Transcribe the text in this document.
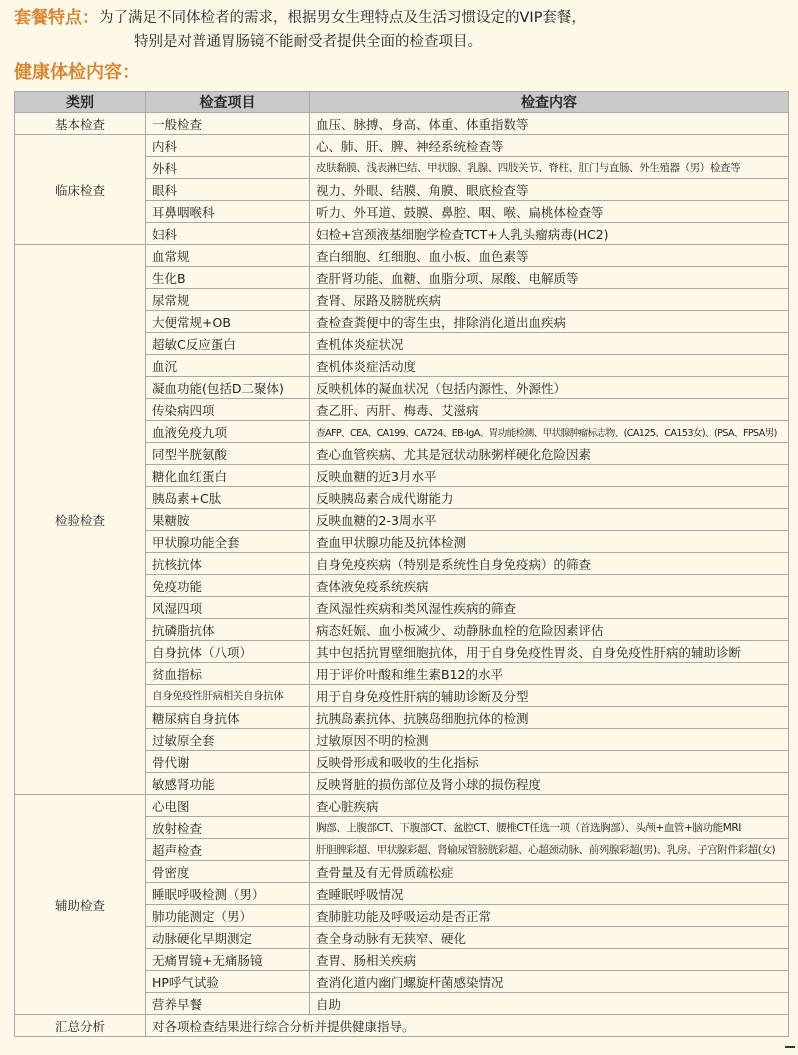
套餐特点： 为了满足不同体检者的需求，根据男女生理特点及生活习惯设定的VIP套餐，
特别是对普通胃肠镜不能耐受者提供全面的检查项目。
健康体检内容：
类别	检查项目	检查内容
基本检查	一般检查	血压、脉搏、身高、体重、体重指数等
临床检查	内科	心、肺、肝、脾、神经系统检查等
	外科	皮肤黏膜、浅表淋巴结、甲状腺、乳腺、四肢关节、脊柱、肛门与直肠、外生殖器（男）检查等
	眼科	视力、外眼、结膜、角膜、眼底检查等
	耳鼻咽喉科	听力、外耳道、鼓膜、鼻腔、咽、喉、扁桃体检查等
	妇科	妇检+宫颈液基细胞学检查TCT+人乳头瘤病毒(HC2)
检验检查	血常规	查白细胞、红细胞、血小板、血色素等
	生化B	查肝肾功能、血糖、血脂分项、尿酸、电解质等
	尿常规	查肾、尿路及膀胱疾病
	大便常规+OB	查检查粪便中的寄生虫，排除消化道出血疾病
	超敏C反应蛋白	查机体炎症状况
	血沉	查机体炎症活动度
	凝血功能(包括D二聚体)	反映机体的凝血状况（包括内源性、外源性）
	传染病四项	查乙肝、丙肝、梅毒、艾滋病
	血液免疫九项	查AFP、CEA、CA199、CA724、EB-IgA、胃功能检测、甲状腺肿瘤标志物、(CA125、CA153女)、(PSA、FPSA男)
	同型半胱氨酸	查心血管疾病、尤其是冠状动脉粥样硬化危险因素
	糖化血红蛋白	反映血糖的近3月水平
	胰岛素+C肽	反映胰岛素合成代谢能力
	果糖胺	反映血糖的2-3周水平
	甲状腺功能全套	查血甲状腺功能及抗体检测
	抗核抗体	自身免疫疾病（特别是系统性自身免疫病）的筛查
	免疫功能	查体液免疫系统疾病
	风湿四项	查风湿性疾病和类风湿性疾病的筛查
	抗磷脂抗体	病态妊娠、血小板减少、动静脉血栓的危险因素评估
	自身抗体（八项）	其中包括抗胃壁细胞抗体，用于自身免疫性胃炎、自身免疫性肝病的辅助诊断
	贫血指标	用于评价叶酸和维生素B12的水平
	自身免疫性肝病相关自身抗体	用于自身免疫性肝病的辅助诊断及分型
	糖尿病自身抗体	抗胰岛素抗体、抗胰岛细胞抗体的检测
	过敏原全套	过敏原因不明的检测
	骨代谢	反映骨形成和吸收的生化指标
	敏感肾功能	反映肾脏的损伤部位及肾小球的损伤程度
辅助检查	心电图	查心脏疾病
	放射检查	胸部、上腹部CT、下腹部CT、盆腔CT、腰椎CT任选一项（首选胸部）、头颅+血管+脑功能MRI
	超声检查	肝胆脾彩超、甲状腺彩超、肾输尿管膀胱彩超、心超颈动脉、前列腺彩超(男)、乳房、子宫附件彩超(女)
	骨密度	查骨量及有无骨质疏松症
	睡眠呼吸检测（男）	查睡眠呼吸情况
	肺功能测定（男）	查肺脏功能及呼吸运动是否正常
	动脉硬化早期测定	查全身动脉有无狭窄、硬化
	无痛胃镜+无痛肠镜	查胃、肠相关疾病
	HP呼气试验	查消化道内幽门螺旋杆菌感染情况
	营养早餐	自助
汇总分析	对各项检查结果进行综合分析并提供健康指导。	
